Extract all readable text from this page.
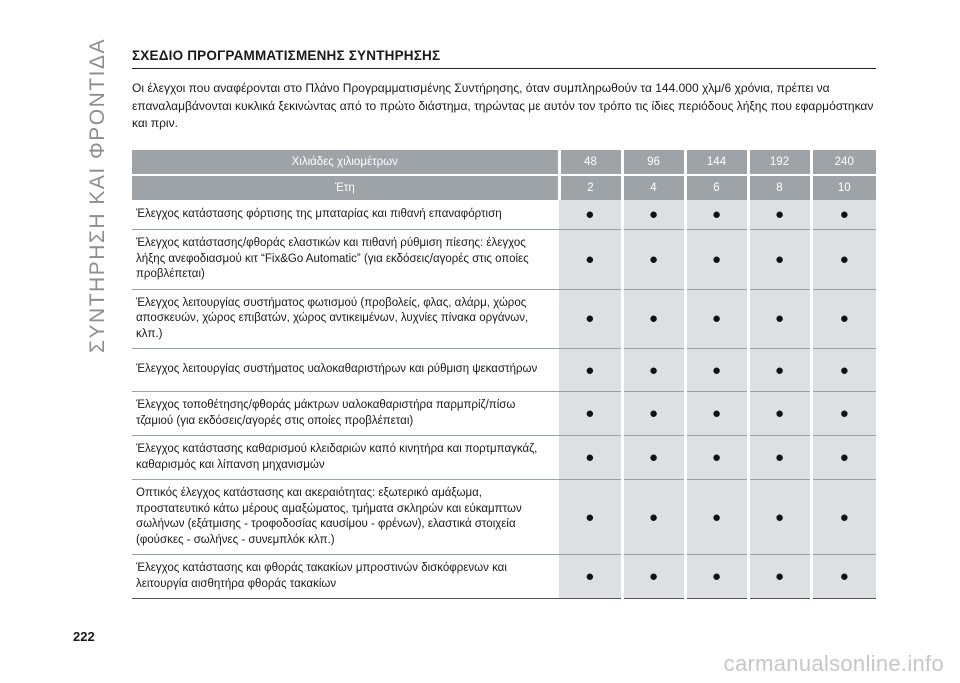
ΣΥΝΤΗΡΗΣΗ ΚΑΙ ΦΡΟΝΤΙΔΑ
222
ΣΧΕΔΙΟ ΠΡΟΓΡΑΜΜΑΤΙΣΜΕΝΗΣ ΣΥΝΤΗΡΗΣΗΣ

Οι έλεγχοι που αναφέρονται στο Πλάνο Προγραμματισμένης Συντήρησης, όταν συμπληρωθούν τα 144.000 χλμ/6 χρόνια, πρέπει να επαναλαμβάνονται κυκλικά ξεκινώντας από το πρώτο διάστημα, τηρώντας με αυτόν τον τρόπο τις ίδιες περιόδους λήξης που εφαρμόστηκαν και πριν.

Χιλιάδες χιλιομέτρων	48	96	144	192	240
Έτη	2	4	6	8	10
Έλεγχος κατάστασης φόρτισης της μπαταρίας και πιθανή επαναφόρτιση	●	●	●	●	●
Έλεγχος κατάστασης/φθοράς ελαστικών και πιθανή ρύθμιση πίεσης: έλεγχος λήξης ανεφοδιασμού κιτ “Fix&Go Automatic” (για εκδόσεις/αγορές στις οποίες προβλέπεται)	●	●	●	●	●
Έλεγχος λειτουργίας συστήματος φωτισμού (προβολείς, φλας, αλάρμ, χώρος αποσκευών, χώρος επιβατών, χώρος αντικειμένων, λυχνίες πίνακα οργάνων, κλπ.)	●	●	●	●	●
Έλεγχος λειτουργίας συστήματος υαλοκαθαριστήρων και ρύθμιση ψεκαστήρων	●	●	●	●	●
Έλεγχος τοποθέτησης/φθοράς μάκτρων υαλοκαθαριστήρα παρμπρίζ/πίσω τζαμιού (για εκδόσεις/αγορές στις οποίες προβλέπεται)	●	●	●	●	●
Έλεγχος κατάστασης καθαρισμού κλειδαριών καπό κινητήρα και πορτμπαγκάζ, καθαρισμός και λίπανση μηχανισμών	●	●	●	●	●
Οπτικός έλεγχος κατάστασης και ακεραιότητας: εξωτερικό αμάξωμα, προστατευτικό κάτω μέρους αμαξώματος, τμήματα σκληρών και εύκαμπτων σωλήνων (εξάτμισης - τροφοδοσίας καυσίμου - φρένων), ελαστικά στοιχεία (φούσκες - σωλήνες - συνεμπλόκ κλπ.)	●	●	●	●	●
Έλεγχος κατάστασης και φθοράς τακακίων μπροστινών δισκόφρενων και λειτουργία αισθητήρα φθοράς τακακίων	●	●	●	●	●
carmanualsonline.info
